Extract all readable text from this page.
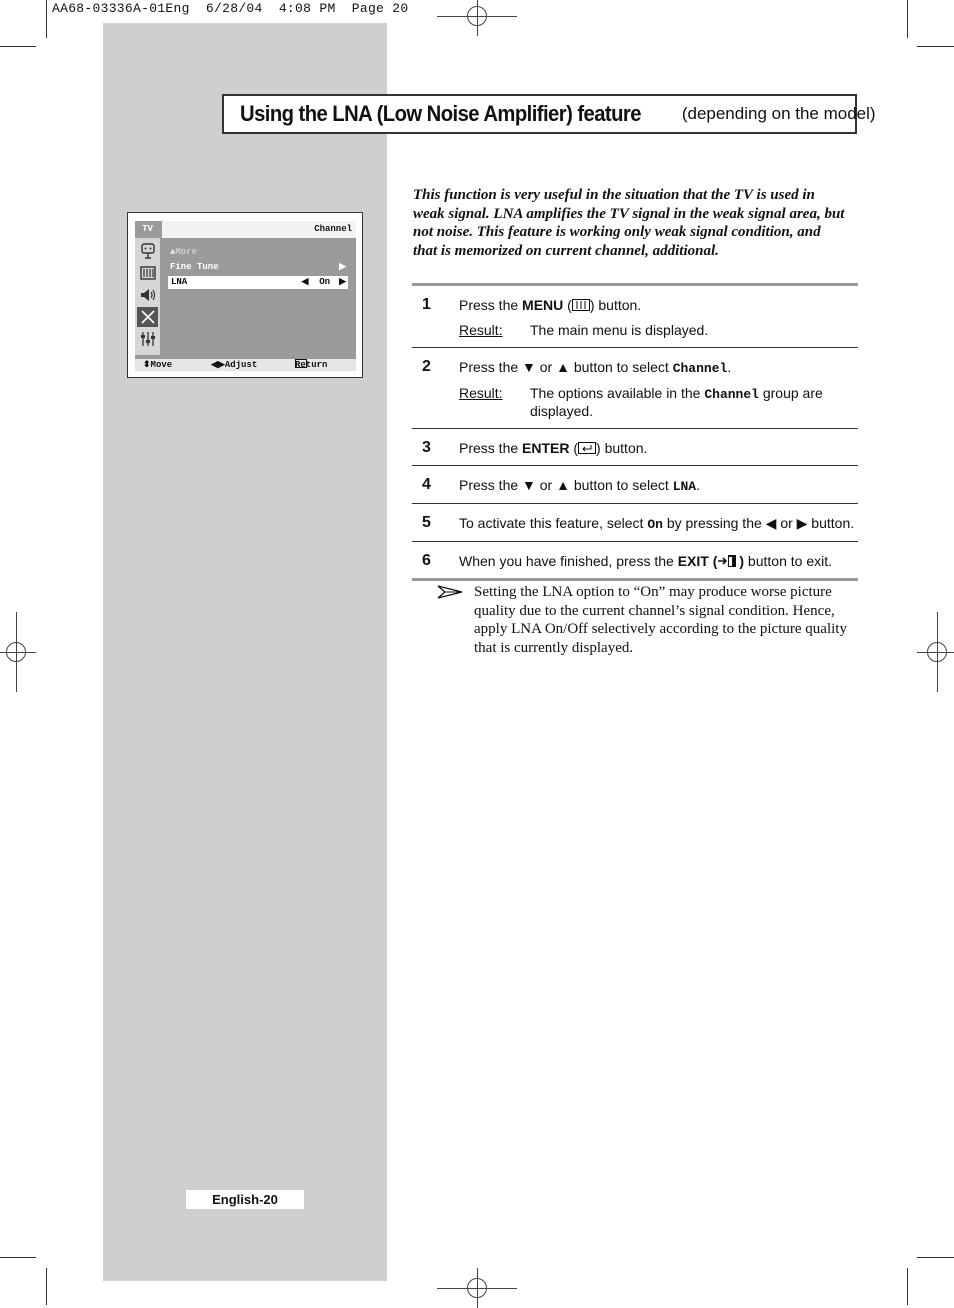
AA68-03336A-01Eng  6/28/04  4:08 PM  Page 20
Using the LNA (Low Noise Amplifier) feature (depending on the model)
TV	Channel
▲More
Fine Tune	▶
LNA	◀ On ▶
⬍ Move	◀▶ Adjust	Return
This function is very useful in the situation that the TV is used in weak signal. LNA amplifies the TV signal in the weak signal area, but not noise. This feature is working only weak signal condition, and that is memorized on current channel, additional.
1 Press the MENU ( ) button.
Result:	The main menu is displayed.
2 Press the ▼ or ▲ button to select Channel.
Result:	The options available in the Channel group are displayed.
3 Press the ENTER ( ) button.
4 Press the ▼ or ▲ button to select LNA.
5 To activate this feature, select On by pressing the ◀ or ▶ button.
6 When you have finished, press the EXIT ( ) button to exit.
Setting the LNA option to “On” may produce worse picture quality due to the current channel’s signal condition. Hence, apply LNA On/Off selectively according to the picture quality that is currently displayed.
English-20
